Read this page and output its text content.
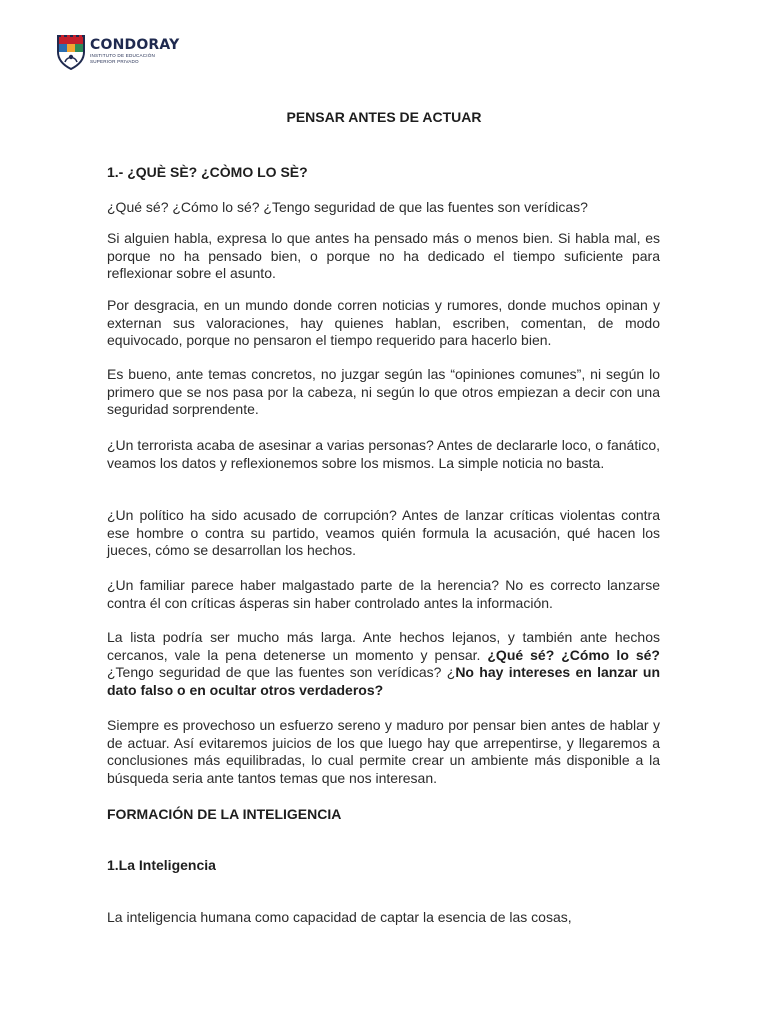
CONDORAY
INSTITUTO DE EDUCACIÓN
SUPERIOR PRIVADO
PENSAR ANTES DE ACTUAR
1.- ¿QUÈ SÈ? ¿CÒMO LO SÈ?
¿Qué sé? ¿Cómo lo sé? ¿Tengo seguridad de que las fuentes son verídicas?
Si alguien habla, expresa lo que antes ha pensado más o menos bien. Si habla mal, es porque no ha pensado bien, o porque no ha dedicado el tiempo suficiente para reflexionar sobre el asunto.
Por desgracia, en un mundo donde corren noticias y rumores, donde muchos opinan y externan sus valoraciones, hay quienes hablan, escriben, comentan, de modo equivocado, porque no pensaron el tiempo requerido para hacerlo bien.
Es bueno, ante temas concretos, no juzgar según las “opiniones comunes”, ni según lo primero que se nos pasa por la cabeza, ni según lo que otros empiezan a decir con una seguridad sorprendente.
¿Un terrorista acaba de asesinar a varias personas? Antes de declararle loco, o fanático, veamos los datos y reflexionemos sobre los mismos. La simple noticia no basta.
¿Un político ha sido acusado de corrupción? Antes de lanzar críticas violentas contra ese hombre o contra su partido, veamos quién formula la acusación, qué hacen los jueces, cómo se desarrollan los hechos.
¿Un familiar parece haber malgastado parte de la herencia? No es correcto lanzarse contra él con críticas ásperas sin haber controlado antes la información.
La lista podría ser mucho más larga. Ante hechos lejanos, y también ante hechos cercanos, vale la pena detenerse un momento y pensar. ¿Qué sé? ¿Cómo lo sé? ¿Tengo seguridad de que las fuentes son verídicas? ¿No hay intereses en lanzar un dato falso o en ocultar otros verdaderos?
Siempre es provechoso un esfuerzo sereno y maduro por pensar bien antes de hablar y de actuar. Así evitaremos juicios de los que luego hay que arrepentirse, y llegaremos a conclusiones más equilibradas, lo cual permite crear un ambiente más disponible a la búsqueda seria ante tantos temas que nos interesan.
FORMACIÓN DE LA INTELIGENCIA
1.La Inteligencia
La inteligencia humana como capacidad de captar la esencia de las cosas,
